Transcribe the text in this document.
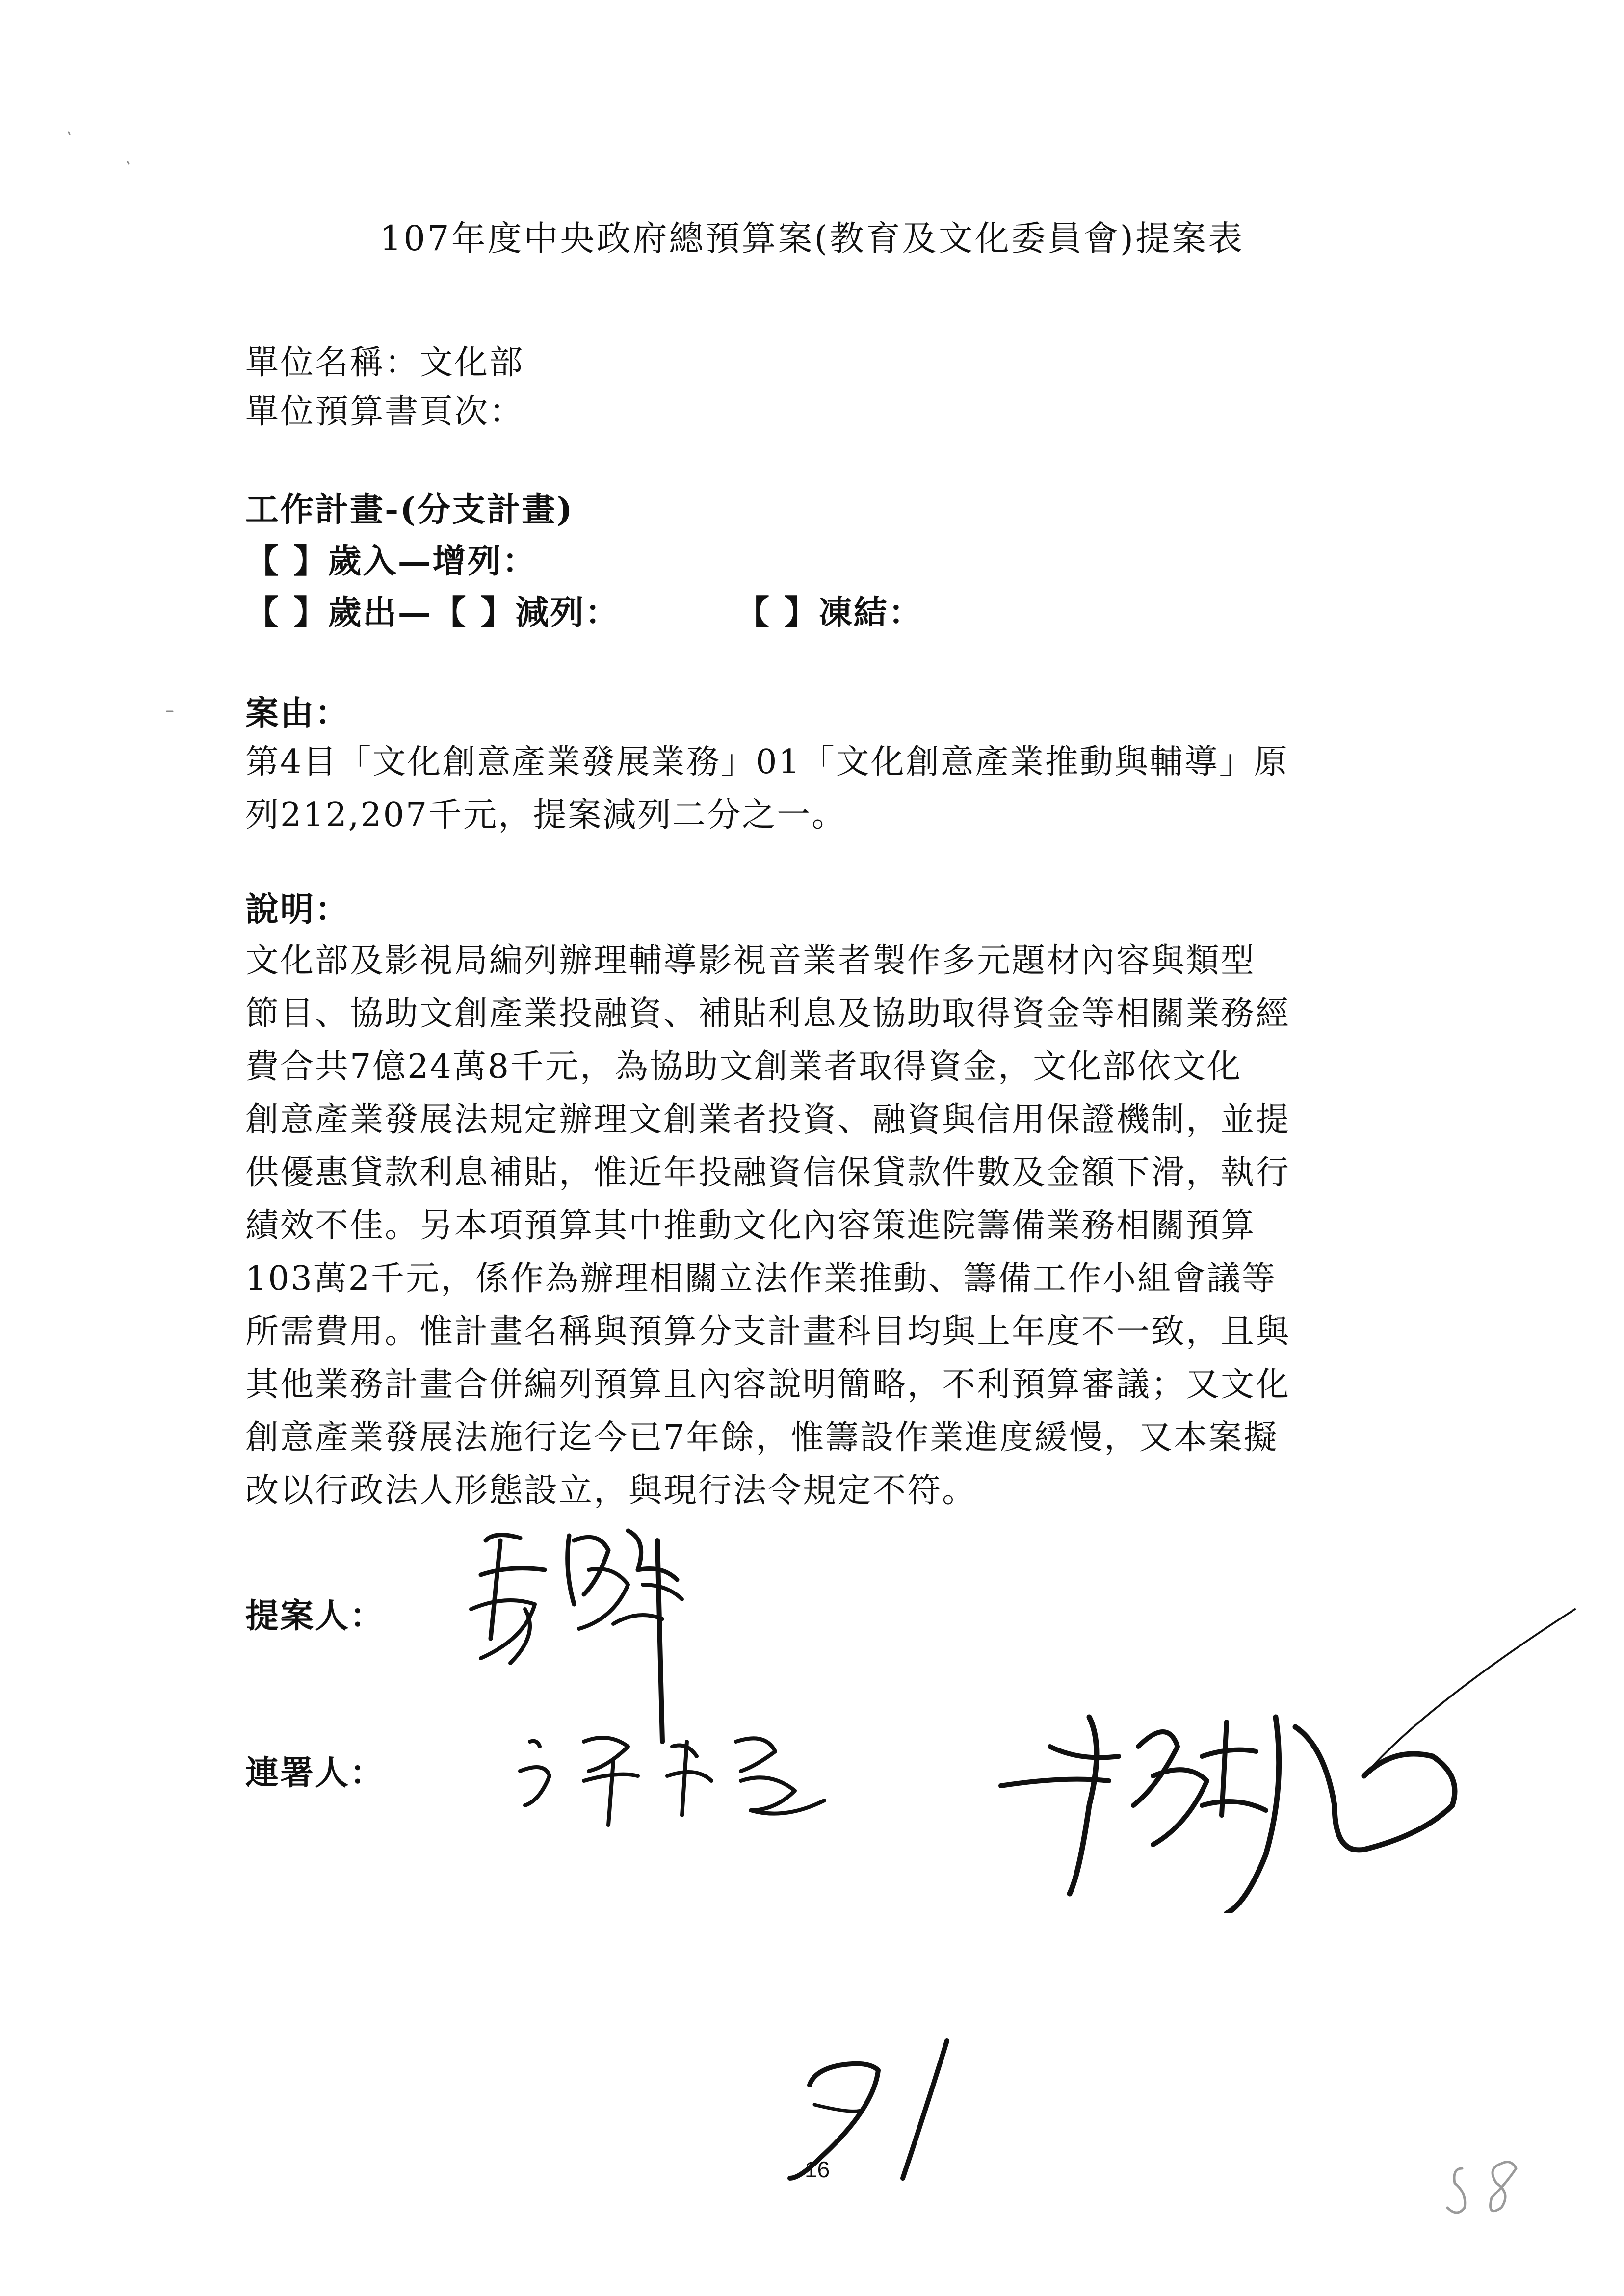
107年度中央政府總預算案(教育及文化委員會)提案表
單位名稱：文化部
單位預算書頁次：
工作計畫-(分支計畫)
【 】歲入—增列：
【 】歲出—【 】減列：	【 】凍結：
案由：

第4目「文化創意產業發展業務」01「文化創意產業推動與輔導」原

列212,207千元，提案減列二分之一。

說明：

文化部及影視局編列辦理輔導影視音業者製作多元題材內容與類型

節目、協助文創產業投融資、補貼利息及協助取得資金等相關業務經

費合共7億24萬8千元，為協助文創業者取得資金，文化部依文化

創意產業發展法規定辦理文創業者投資、融資與信用保證機制，並提

供優惠貸款利息補貼，惟近年投融資信保貸款件數及金額下滑，執行

績效不佳。另本項預算其中推動文化內容策進院籌備業務相關預算

103萬2千元，係作為辦理相關立法作業推動、籌備工作小組會議等

所需費用。惟計畫名稱與預算分支計畫科目均與上年度不一致，且與

其他業務計畫合併編列預算且內容說明簡略，不利預算審議；又文化

創意產業發展法施行迄今已7年餘，惟籌設作業進度緩慢，又本案擬

改以行政法人形態設立，與現行法令規定不符。

提案人：
連署人：
16
